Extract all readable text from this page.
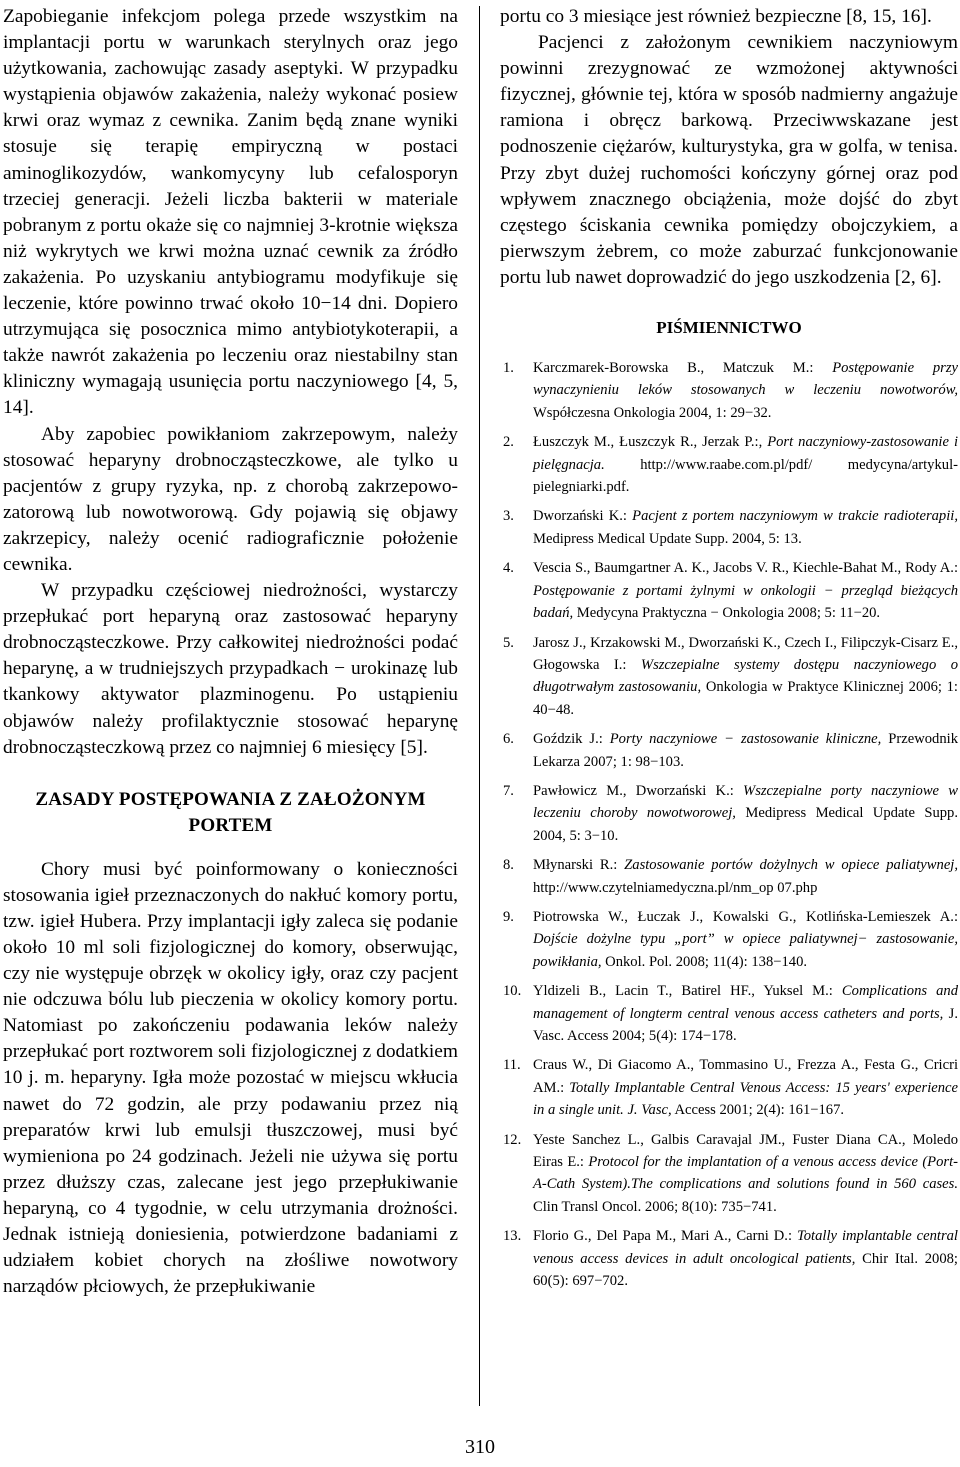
Zapobieganie infekcjom polega przede wszystkim na implantacji portu w warunkach sterylnych oraz jego użytkowania, zachowując zasady aseptyki. W przypadku wystąpienia objawów zakażenia, należy wykonać posiew krwi oraz wymaz z cewnika. Zanim będą znane wyniki stosuje się terapię empiryczną w postaci aminoglikozydów, wankomycyny lub cefalosporyn trzeciej generacji. Jeżeli liczba bakterii w materiale pobranym z portu okaże się co najmniej 3-krotnie większa niż wykrytych we krwi można uznać cewnik za źródło zakażenia. Po uzyskaniu antybiogramu modyfikuje się leczenie, które powinno trwać około 10−14 dni. Dopiero utrzymująca się posocznica mimo antybiotykoterapii, a także nawrót zakażenia po leczeniu oraz niestabilny stan kliniczny wymagają usunięcia portu naczyniowego [4, 5, 14].

Aby zapobiec powikłaniom zakrzepowym, należy stosować heparyny drobnocząsteczkowe, ale tylko u pacjentów z grupy ryzyka, np. z chorobą zakrzepowo-zatorową lub nowotworową. Gdy pojawią się objawy zakrzepicy, należy ocenić radiograficznie położenie cewnika.

W przypadku częściowej niedrożności, wystarczy przepłukać port heparyną oraz zastosować heparyny drobnocząsteczkowe. Przy całkowitej niedrożności podać heparynę, a w trudniejszych przypadkach − urokinazę lub tkankowy aktywator plazminogenu. Po ustąpieniu objawów należy profilaktycznie stosować heparynę drobnocząsteczkową przez co najmniej 6 miesięcy [5].

ZASADY POSTĘPOWANIA Z ZAŁOŻONYM PORTEM

Chory musi być poinformowany o konieczności stosowania igieł przeznaczonych do nakłuć komory portu, tzw. igieł Hubera. Przy implantacji igły zaleca się podanie około 10 ml soli fizjologicznej do komory, obserwując, czy nie występuje obrzęk w okolicy igły, oraz czy pacjent nie odczuwa bólu lub pieczenia w okolicy komory portu. Natomiast po zakończeniu podawania leków należy przepłukać port roztworem soli fizjologicznej z dodatkiem 10 j. m. heparyny. Igła może pozostać w miejscu wkłucia nawet do 72 godzin, ale przy podawaniu przez nią preparatów krwi lub emulsji tłuszczowej, musi być wymieniona po 24 godzinach. Jeżeli nie używa się portu przez dłuższy czas, zalecane jest jego przepłukiwanie heparyną, co 4 tygodnie, w celu utrzymania drożności. Jednak istnieją doniesienia, potwierdzone badaniami z udziałem kobiet chorych na złośliwe nowotwory narządów płciowych, że przepłukiwanie

portu co 3 miesiące jest również bezpieczne [8, 15, 16].

Pacjenci z założonym cewnikiem naczyniowym powinni zrezygnować ze wzmożonej aktywności fizycznej, głównie tej, która w sposób nadmierny angażuje ramiona i obręcz barkową. Przeciwwskazane jest podnoszenie ciężarów, kulturystyka, gra w golfa, w tenisa. Przy zbyt dużej ruchomości kończyny górnej oraz pod wpływem znacznego obciążenia, może dojść do zbyt częstego ściskania cewnika pomiędzy obojczykiem, a pierwszym żebrem, co może zaburzać funkcjonowanie portu lub nawet doprowadzić do jego uszkodzenia [2, 6].

PIŚMIENNICTWO
1. Karczmarek-Borowska B., Matczuk M.: Postępowanie przy wynaczynieniu leków stosowanych w leczeniu nowotworów, Współczesna Onkologia 2004, 1: 29−32.
2. Łuszczyk M., Łuszczyk R., Jerzak P.:, Port naczyniowy-zastosowanie i pielęgnacja. http://www.raabe.com.pl/pdf/ medycyna/artykul-pielegniarki.pdf.
3. Dworzański K.: Pacjent z portem naczyniowym w trakcie radioterapii, Medipress Medical Update Supp. 2004, 5: 13.
4. Vescia S., Baumgartner A. K., Jacobs V. R., Kiechle-Bahat M., Rody A.: Postępowanie z portami żylnymi w onkologii − przegląd bieżących badań, Medycyna Praktyczna − Onkologia 2008; 5: 11−20.
5. Jarosz J., Krzakowski M., Dworzański K., Czech I., Filipczyk-Cisarz E., Głogowska I.: Wszczepialne systemy dostępu naczyniowego o długotrwałym zastosowaniu, Onkologia w Praktyce Klinicznej 2006; 1: 40−48.
6. Goździk J.: Porty naczyniowe − zastosowanie kliniczne, Przewodnik Lekarza 2007; 1: 98−103.
7. Pawłowicz M., Dworzański K.: Wszczepialne porty naczyniowe w leczeniu choroby nowotworowej, Medipress Medical Update Supp. 2004, 5: 3−10.
8. Młynarski R.: Zastosowanie portów dożylnych w opiece paliatywnej, http://www.czytelniamedyczna.pl/nm_op 07.php
9. Piotrowska W., Łuczak J., Kowalski G., Kotlińska-Lemieszek A.: Dojście dożylne typu „port” w opiece paliatywnej− zastosowanie, powikłania, Onkol. Pol. 2008; 11(4): 138−140.
10. Yldizeli B., Lacin T., Batirel HF., Yuksel M.: Complications and management of longterm central venous access catheters and ports, J. Vasc. Access 2004; 5(4): 174−178.
11. Craus W., Di Giacomo A., Tommasino U., Frezza A., Festa G., Cricri AM.: Totally Implantable Central Venous Access: 15 years' experience in a single unit. J. Vasc, Access 2001; 2(4): 161−167.
12. Yeste Sanchez L., Galbis Caravajal JM., Fuster Diana CA., Moledo Eiras E.: Protocol for the implantation of a venous access device (Port-A-Cath System).The complications and solutions found in 560 cases. Clin Transl Oncol. 2006; 8(10): 735−741.
13. Florio G., Del Papa M., Mari A., Carni D.: Totally implantable central venous access devices in adult oncological patients, Chir Ital. 2008; 60(5): 697−702.
310
